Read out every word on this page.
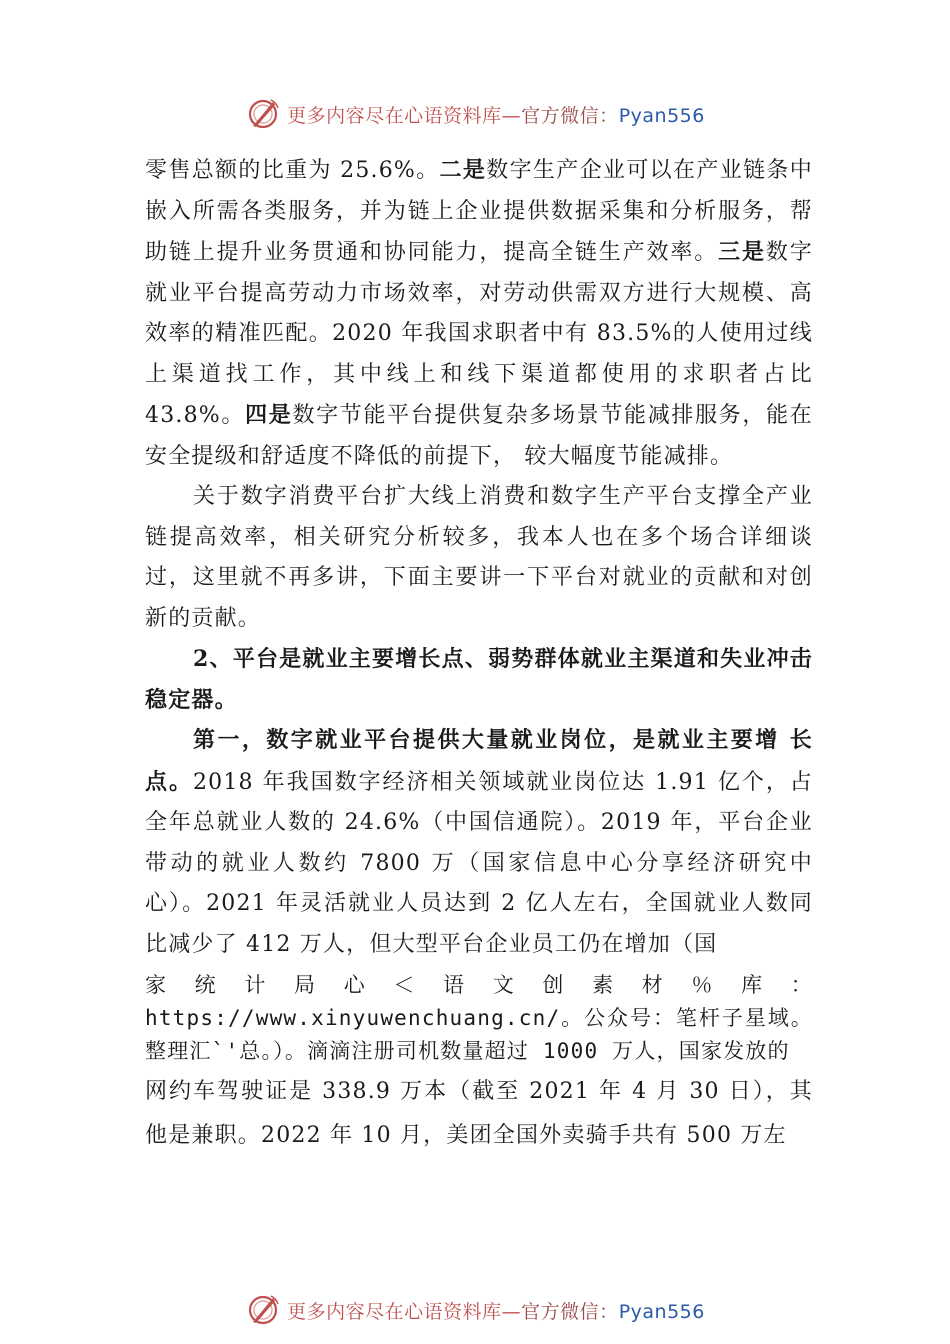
更多内容尽在心语资料库—官方微信：Pyan556

零售总额的比重为 25.6%。二是数字生产企业可以在产业链条中嵌入所需各类服务，并为链上企业提供数据采集和分析服务，帮助链上提升业务贯通和协同能力，提高全链生产效率。三是数字就业平台提高劳动力市场效率，对劳动供需双方进行大规模、高效率的精准匹配。2020 年我国求职者中有 83.5%的人使用过线上渠道找工作，其中线上和线下渠道都使用的求职者占比 43.8%。四是数字节能平台提供复杂多场景节能减排服务，能在安全提级和舒适度不降低的前提下， 较大幅度节能减排。

关于数字消费平台扩大线上消费和数字生产平台支撑全产业链提高效率，相关研究分析较多，我本人也在多个场合详细谈过，这里就不再多讲，下面主要讲一下平台对就业的贡献和对创新的贡献。

2、平台是就业主要增长点、弱势群体就业主渠道和失业冲击稳定器。

第一，数字就业平台提供大量就业岗位，是就业主要增 长点。2018 年我国数字经济相关领域就业岗位达 1.91 亿个，占全年总就业人数的 24.6%（中国信通院）。2019 年，平台企业带动的就业人数约 7800 万（国家信息中心分享经济研究中心）。2021 年灵活就业人员达到 2 亿人左右，全国就业人数同比减少了 412 万人，但大型平台企业员工仍在增加（国

家统计局心＜语文创素材％库：https://www.xinyuwenchuang.cn/。公众号：笔杆子星域。整理汇`'总。）。滴滴注册司机数量超过 1000 万人，国家发放的

网约车驾驶证是 338.9 万本（截至 2021 年 4 月 30 日），其他是兼职。2022 年 10 月，美团全国外卖骑手共有 500 万左

更多内容尽在心语资料库—官方微信：Pyan556
